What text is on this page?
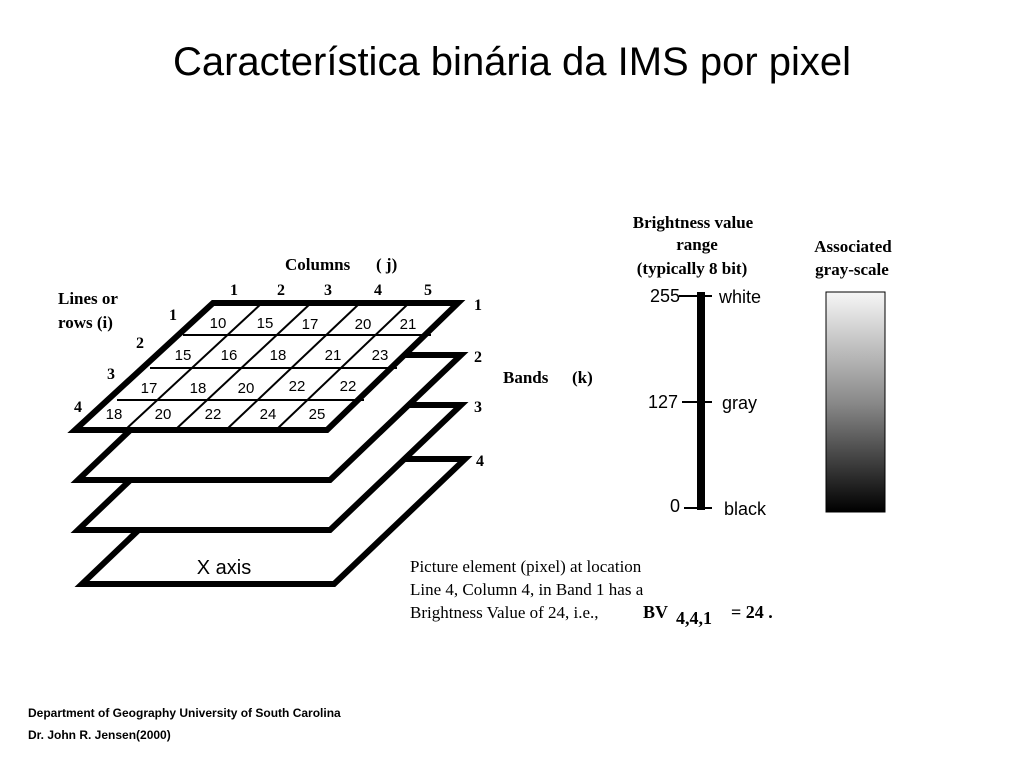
Característica binária da IMS por pixel
10 15 17 20 21
15 16 18	21 23
17 18 20 22 22
18 20 22	24 25
Columns ( j)
1 2 3	4	5
Lines or
rows (i)	1
2
3
4
1
2
3
4
Bands (k)
X axis
Brightness value
range
(typically 8 bit)
255
127
0
white
gray
black
Associated
gray-scale
Picture element (pixel) at location
Line 4, Column 4, in Band 1 has a
Brightness Value of 24, i.e., BV 4,4,1 = 24 .
Department of Geography University of South Carolina
Dr. John R. Jensen(2000)
